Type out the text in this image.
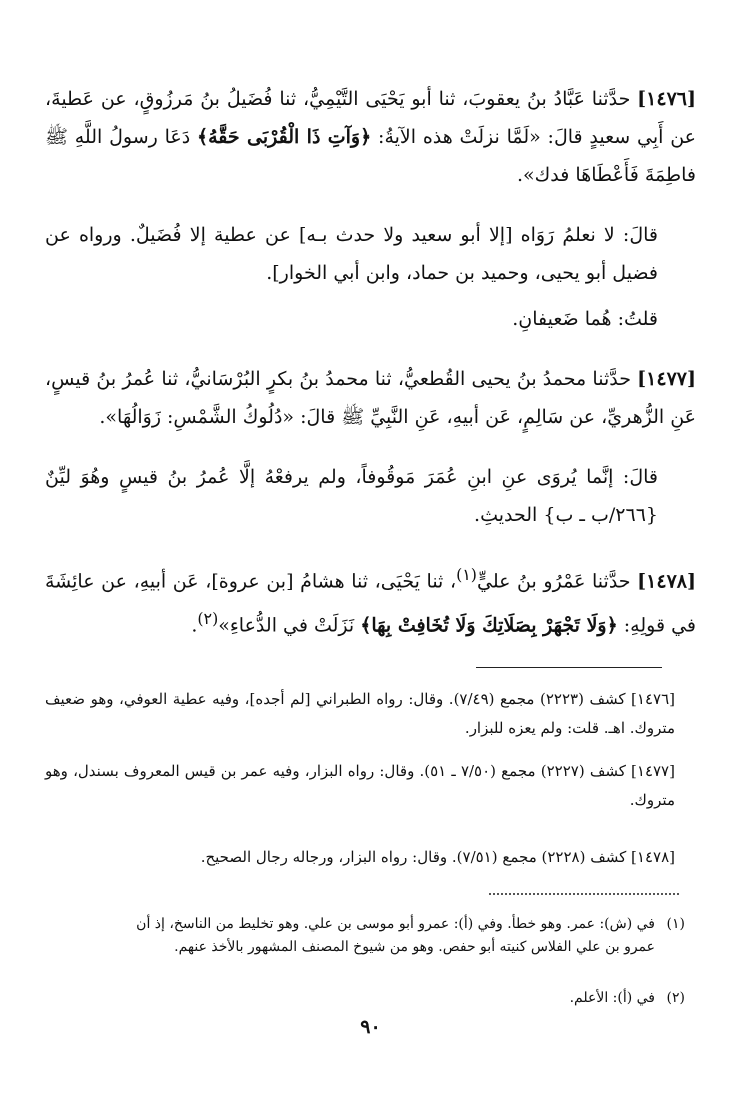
[١٤٧٦] حدَّثنا عَبَّادُ بنُ يعقوبَ، ثنا أبو يَحْيَى التَّيْمِيُّ، ثنا فُضَيلُ بنُ مَرزُوقٍ، عن عَطيةَ، عن أَبِي سعيدٍ قالَ: «لَمَّا نزلَتْ هذه الآيةُ: ﴿وَآتِ ذَا الْقُرْبَى حَقَّهُ﴾ دَعَا رسولُ اللَّهِ ﷺ فاطِمَةَ فَأَعْطَاهَا فدك».

قالَ: لا نعلمُ رَوَاه [إلا أبو سعيد ولا حدث بـه] عن عطية إلا فُضَيلٌ. ورواه عن فضيل أبو يحيى، وحميد بن حماد، وابن أبي الخوار].

قلتُ: هُما ضَعيفانِ.

[١٤٧٧] حدَّثنا محمدُ بنُ يحيى القُطعيُّ، ثنا محمدُ بنُ بكرٍ البُرْسَانيُّ، ثنا عُمرُ بنُ قيسٍ، عَنِ الزُّهريِّ، عن سَالِمٍ، عَن أبيهِ، عَنِ النَّبِيِّ ﷺ قالَ: «دُلُوكُ الشَّمْسِ: زَوَالُهَا».

قالَ: إنَّما يُروَى عنِ ابنِ عُمَرَ مَوقُوفاً، ولم يرفعْهُ إلَّا عُمرُ بنُ قيسٍ وهُوَ ليِّنٌ {٢٦٦/ب ـ ب} الحديثِ.

[١٤٧٨] حدَّثنا عَمْرُو بنُ عليٍّ$^{(١)}$، ثنا يَحْيَى، ثنا هشامُ [بن عروة]، عَن أبيهِ، عن عائِشَةَ في قولِهِ: ﴿وَلَا تَجْهَرْ بِصَلَاتِكَ وَلَا تُخَافِتْ بِهَا﴾ نَزَلَتْ في الدُّعاءِ»$^{(٢)}$.

[١٤٧٦] كشف (٢٢٢٣) مجمع (٧/٤٩). وقال: رواه الطبراني [لم أجده]، وفيه عطية العوفي، وهو ضعيف متروك. اهـ. قلت: ولم يعزه للبزار.
[١٤٧٧] كشف (٢٢٢٧) مجمع (٧/٥٠ ـ ٥١). وقال: رواه البزار، وفيه عمر بن قيس المعروف بسندل، وهو متروك.
[١٤٧٨] كشف (٢٢٢٨) مجمع (٧/٥١). وقال: رواه البزار، ورجاله رجال الصحيح.
(١)في (ش): عمر. وهو خطأ. وفي (أ): عمرو أبو موسى بن علي. وهو تخليط من الناسخ، إذ أن
عمرو بن علي الفلاس كنيته أبو حفص. وهو من شيوخ المصنف المشهور بالأخذ عنهم.
(٢)في (أ): الأعلم.
٩٠
